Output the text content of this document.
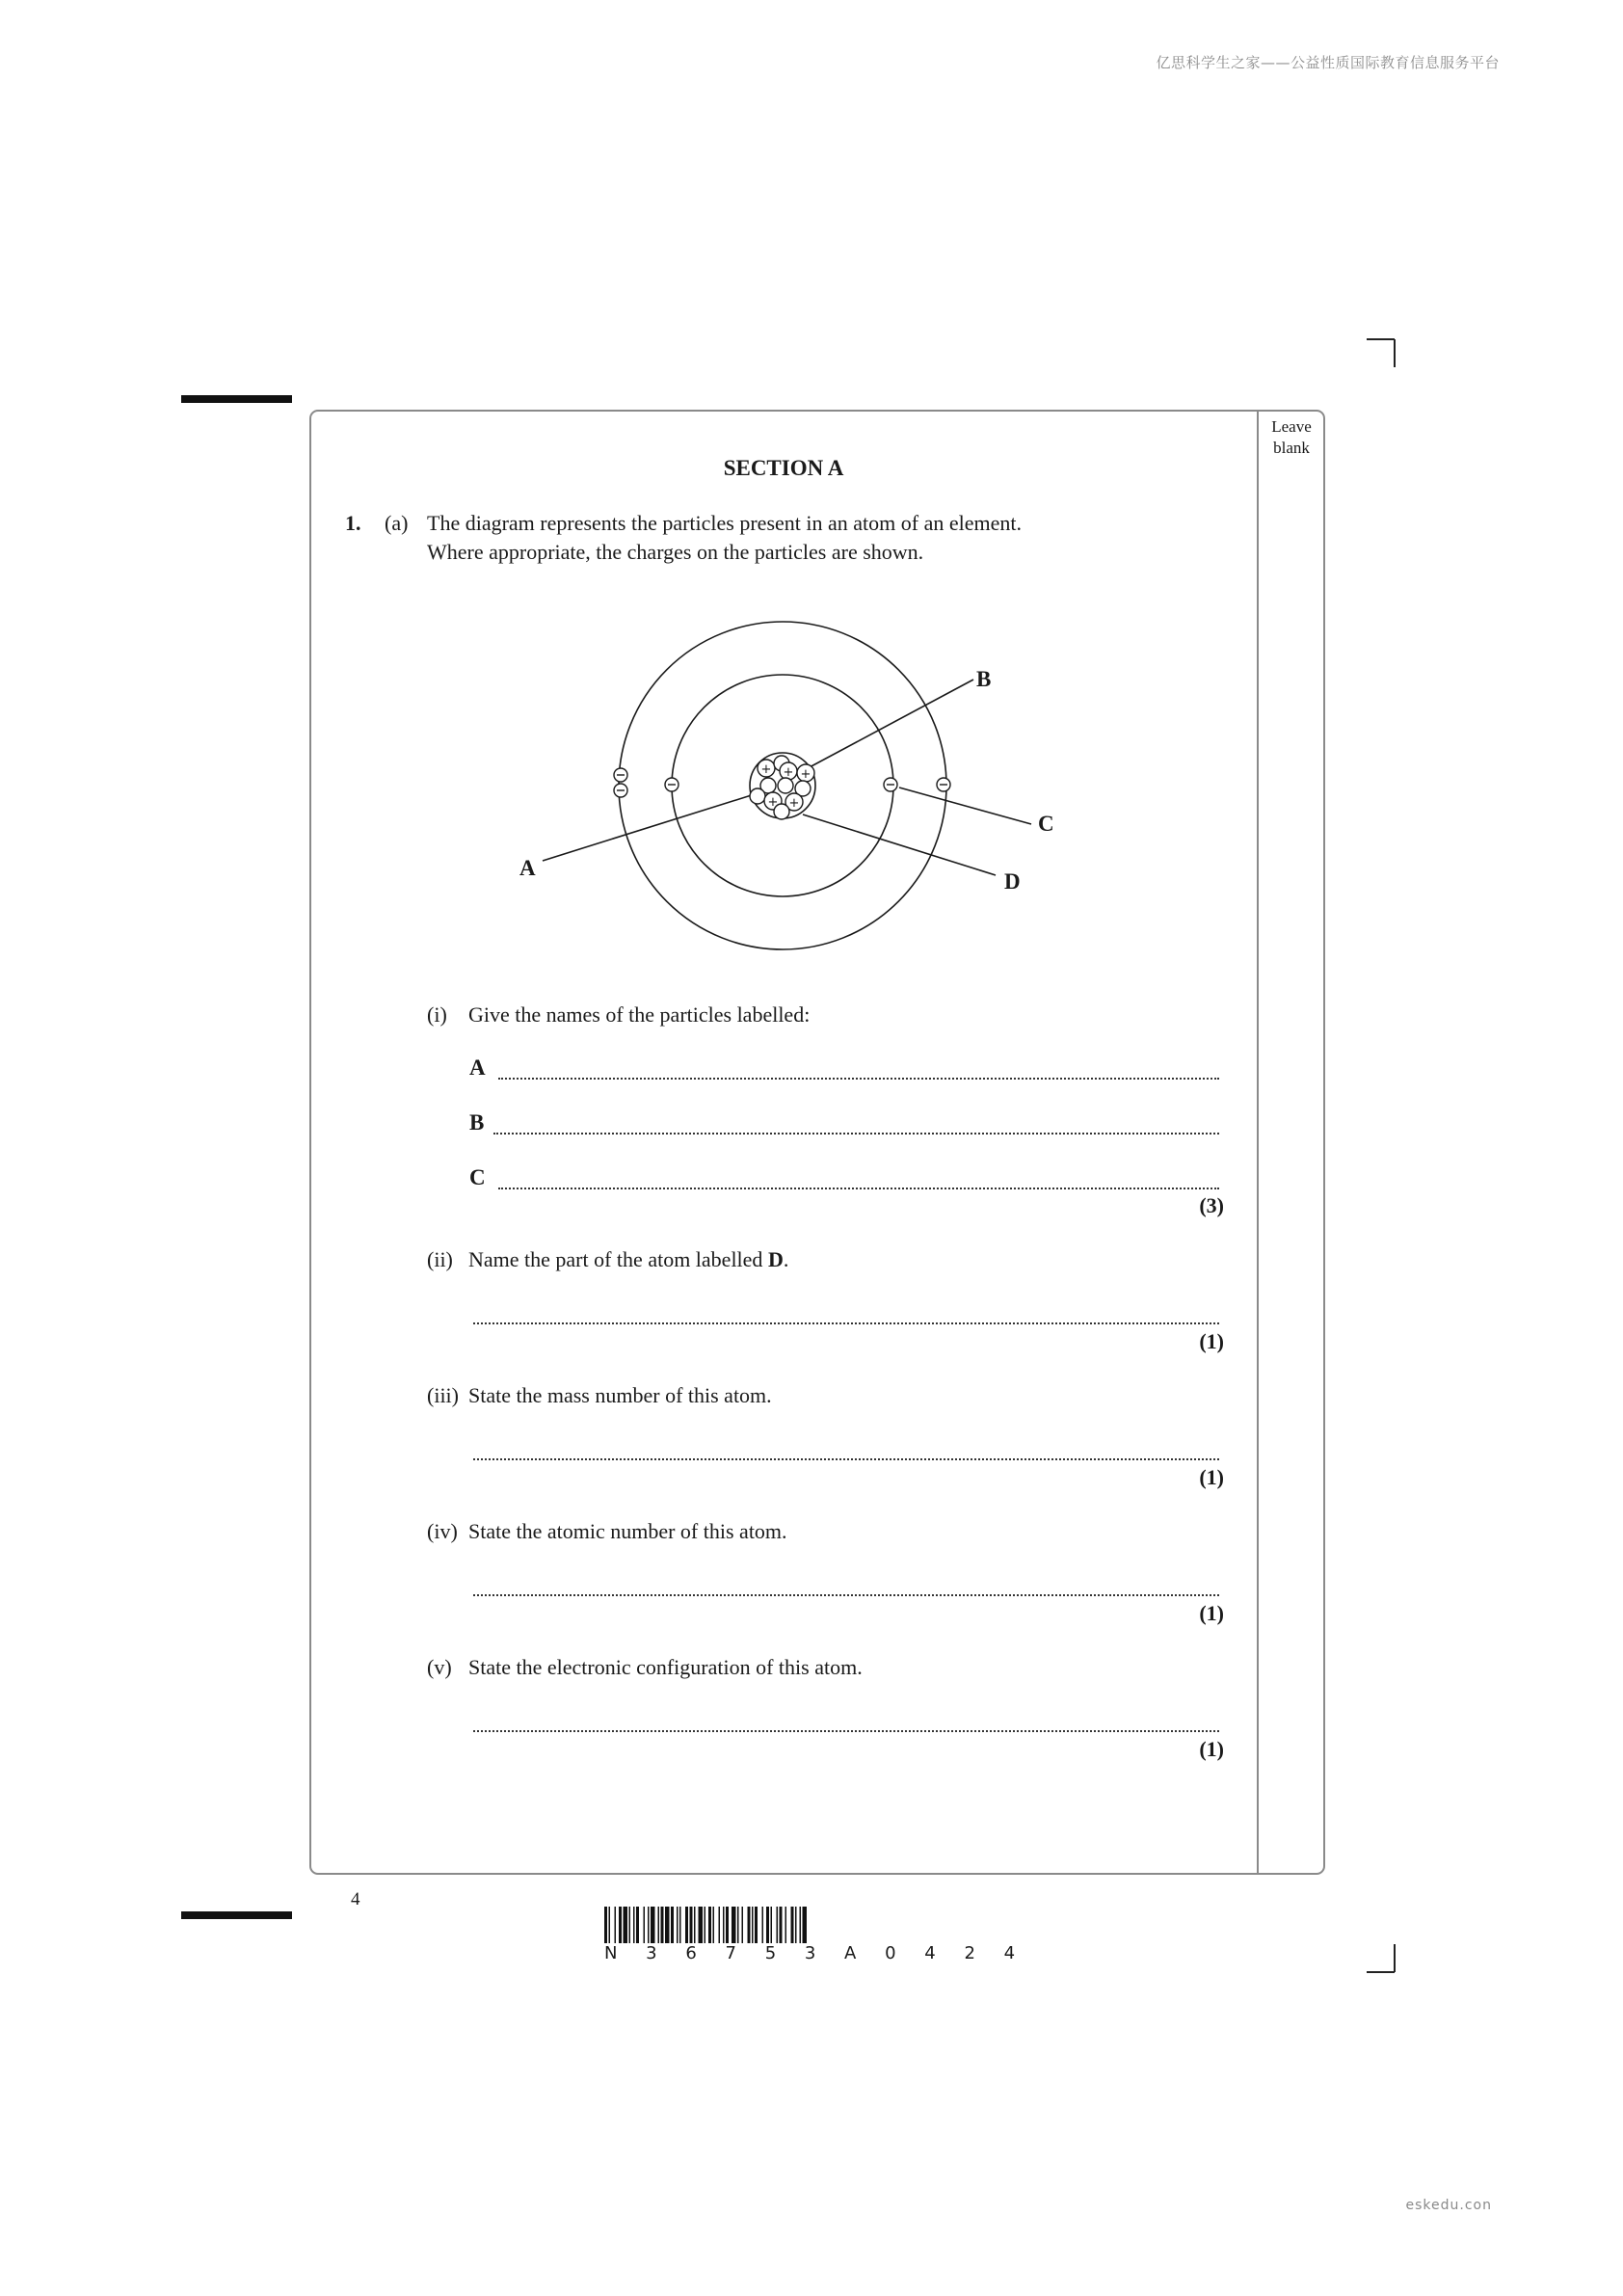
亿思科学生之家——公益性质国际教育信息服务平台
eskedu.con
Leave blank
SECTION A
1. (a) The diagram represents the particles present in an atom of an element.
Where appropriate, the charges on the particles are shown.
+ + +
+ +
A
B
C
D
(i) Give the names of the particles labelled:
A
B
C
(3)
(ii) Name the part of the atom labelled D.
(1)
(iii) State the mass number of this atom.
(1)
(iv) State the atomic number of this atom.
(1)
(v) State the electronic configuration of this atom.
(1)
4
N 3 6 7 5 3 A 0 4 2 4
